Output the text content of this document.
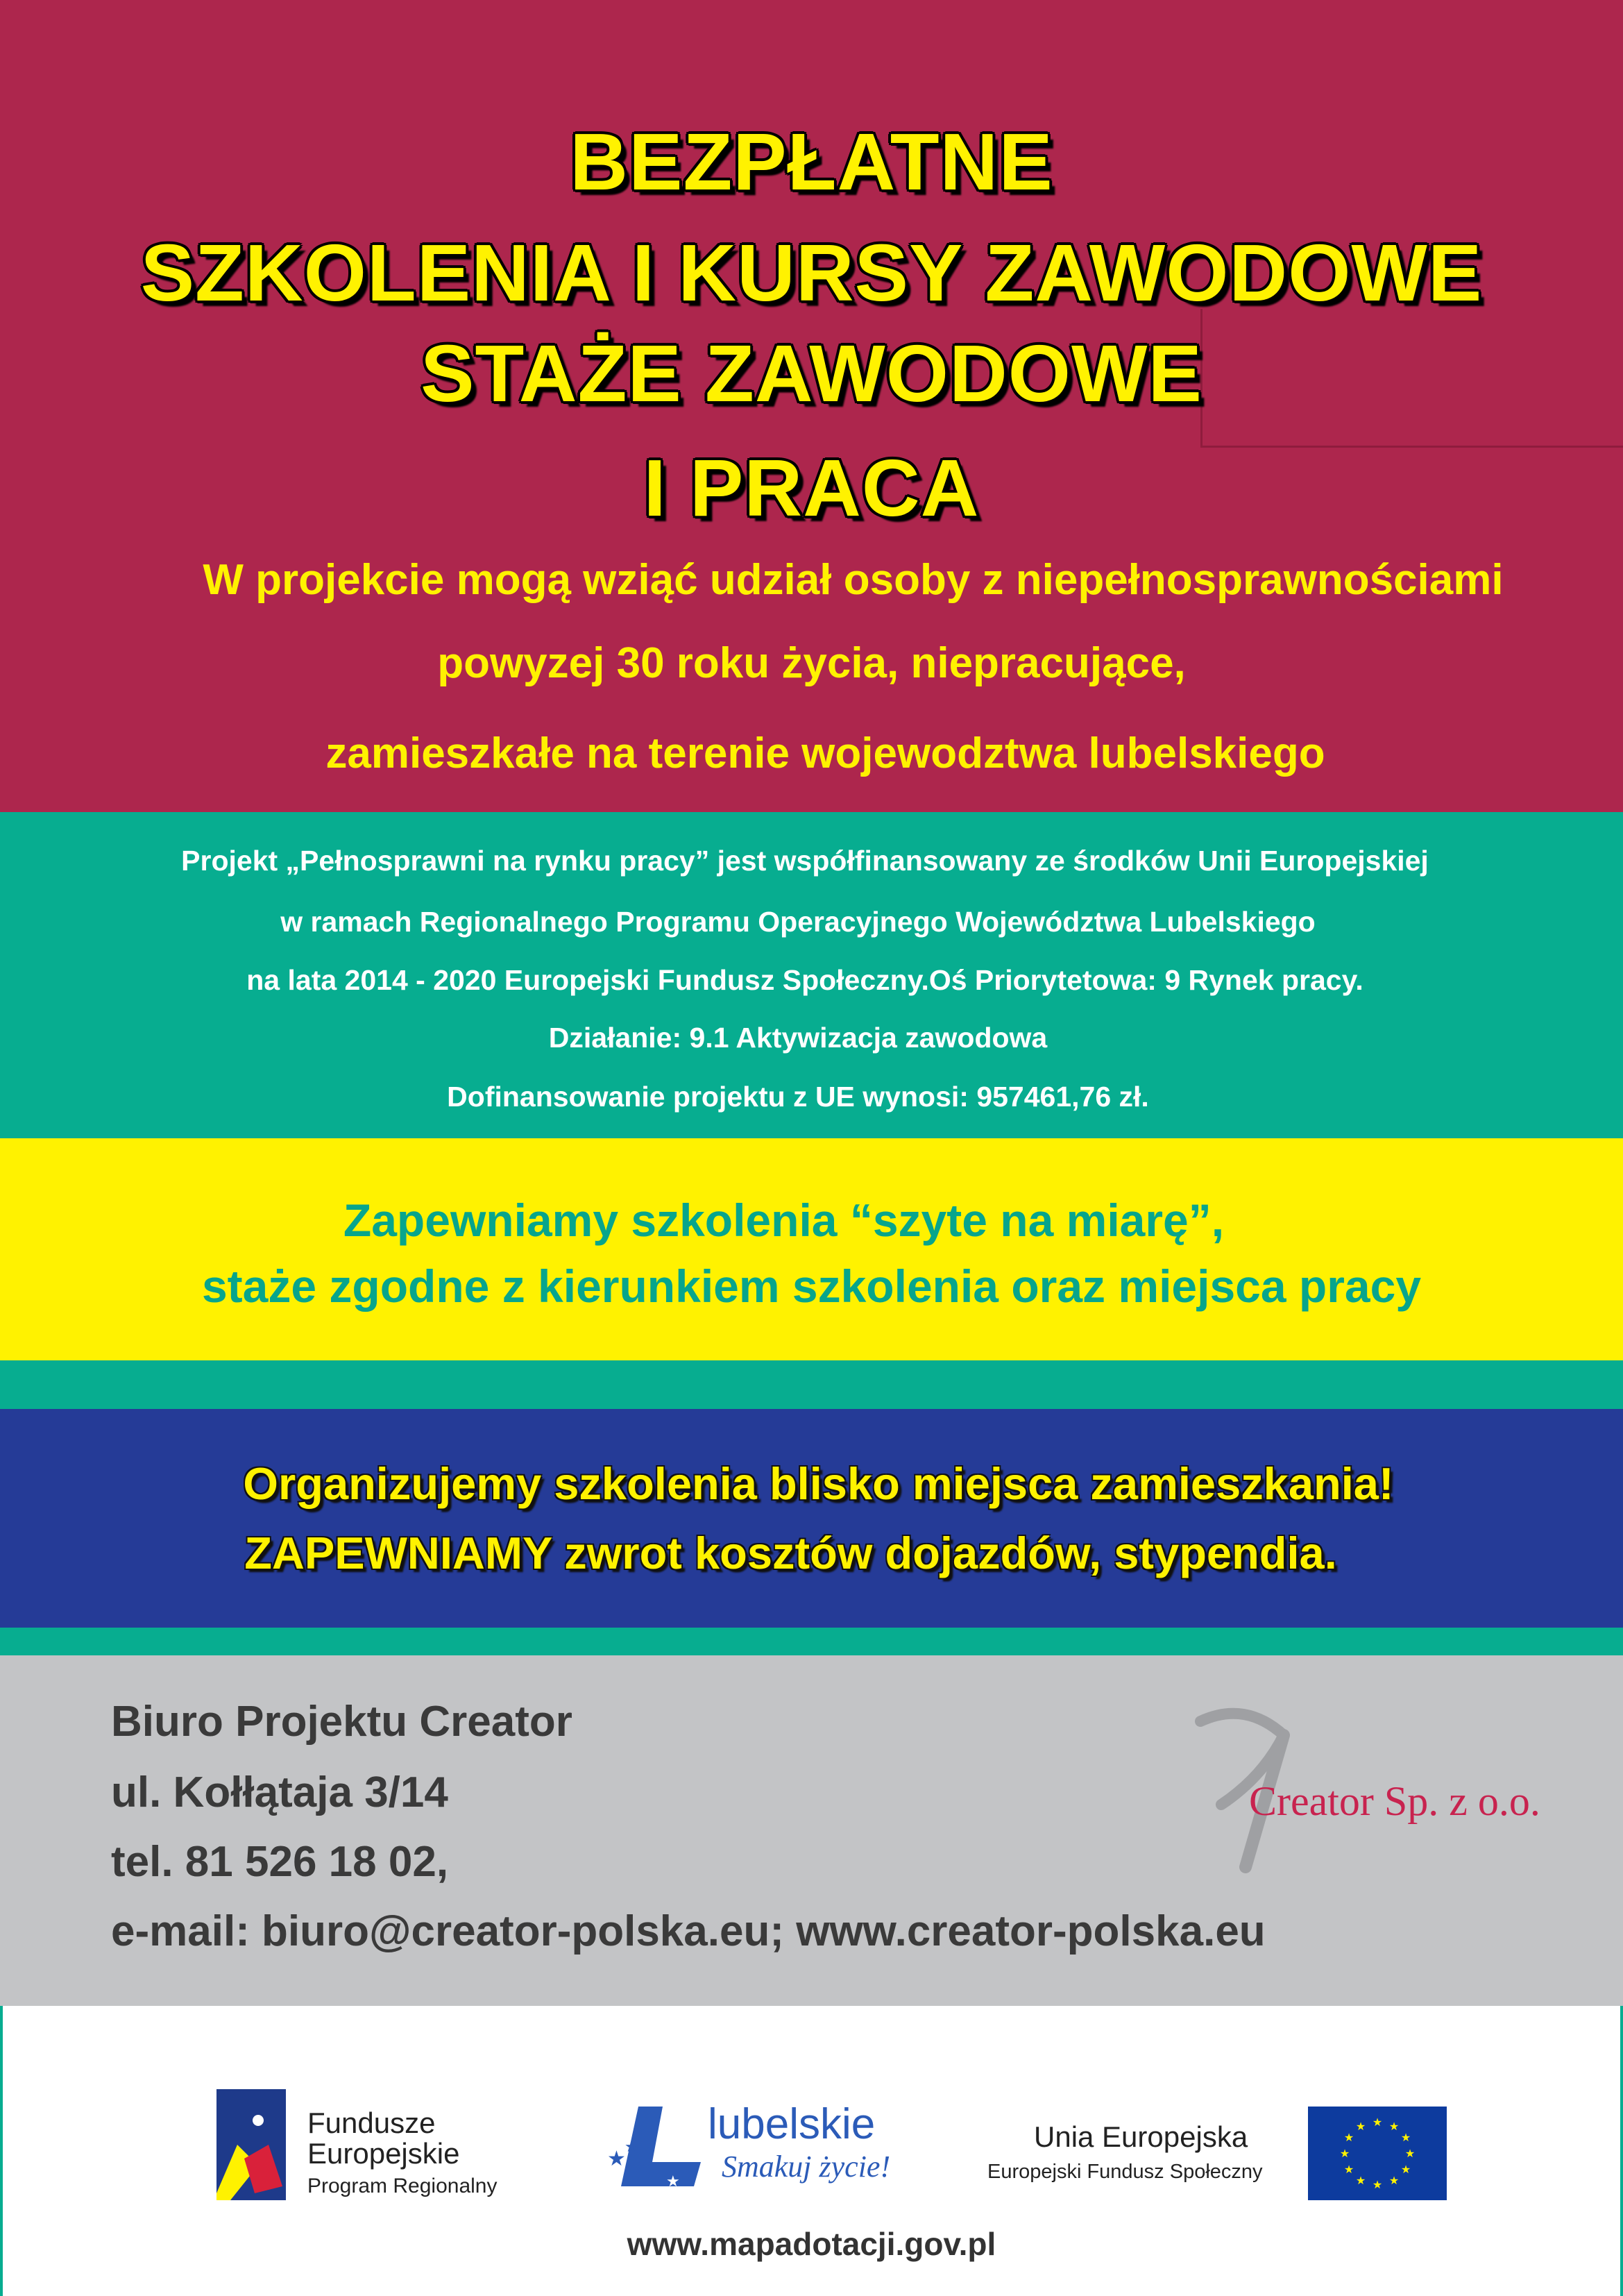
BEZPŁATNE
SZKOLENIA I KURSY ZAWODOWE
STAŻE ZAWODOWE
I PRACA
W projekcie mogą wziąć udział osoby z niepełnosprawnościami
powyzej 30 roku życia, niepracujące,
zamieszkałe na terenie wojewodztwa lubelskiego
Projekt „Pełnosprawni na rynku pracy” jest współfinansowany ze środków Unii Europejskiej
w ramach Regionalnego Programu Operacyjnego Województwa Lubelskiego
na lata 2014 - 2020 Europejski Fundusz Społeczny.Oś Priorytetowa: 9 Rynek pracy.
Działanie: 9.1 Aktywizacja zawodowa
Dofinansowanie projektu z UE wynosi: 957461,76 zł.
Zapewniamy szkolenia “szyte na miarę”,
staże zgodne z kierunkiem szkolenia oraz miejsca pracy
Organizujemy szkolenia blisko miejsca zamieszkania!
ZAPEWNIAMY zwrot kosztów dojazdów, stypendia.
Biuro Projektu Creator
ul. Kołłątaja 3/14
tel. 81 526 18 02,
e-mail: biuro@creator-polska.eu; www.creator-polska.eu
Creator Sp. z o.o.
Fundusze
Europejskie
Program Regionalny
★
★
★
lubelskie
Smakuj życie!
Unia Europejska
Europejski Fundusz Społeczny
★ ★
★
★
★
★
★
★
★
★
★
★
www.mapadotacji.gov.pl
